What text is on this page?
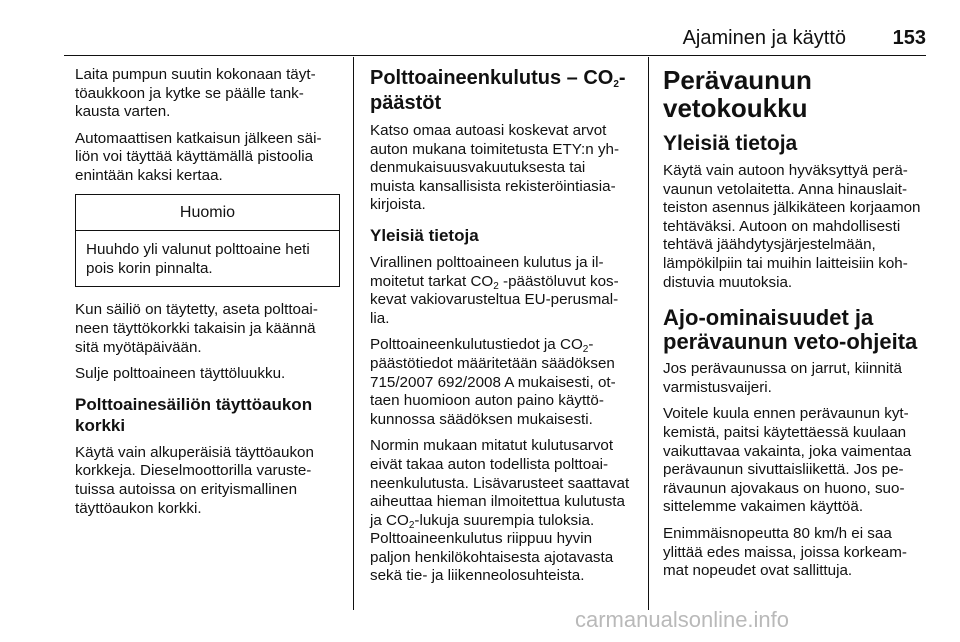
Ajaminen ja käyttö 153

Laita pumpun suutin kokonaan täyttöaukkoon ja kytke se päälle tankkausta varten.

Automaattisen katkaisun jälkeen säiliön voi täyttää käyttämällä pistoolia enintään kaksi kertaa.

Huomio
Huuhdo yli valunut polttoaine heti pois korin pinnalta.

Kun säiliö on täytetty, aseta polttoaineen täyttökorkki takaisin ja käännä sitä myötäpäivään.

Sulje polttoaineen täyttöluukku.

Polttoainesäiliön täyttöaukon korkki

Käytä vain alkuperäisiä täyttöaukon korkkeja. Dieselmoottorilla varustetuissa autoissa on erityismallinen täyttöaukon korkki.

Polttoaineenkulutus – $CO_2$-päästöt

Katso omaa autoasi koskevat arvot auton mukana toimitetusta ETY:n yhdenmukaisuusvakuutuksesta tai muista kansallisista rekisteröintiasiakirjoista.

Yleisiä tietoja

Virallinen polttoaineen kulutus ja ilmoitetut tarkat $CO_2$ -päästöluvut koskevat vakiovarusteltua EU-perusmallia.

Polttoaineenkulutustiedot ja $CO_2$-päästötiedot määritetään säädöksen 715/2007 692/2008 A mukaisesti, ottaen huomioon auton paino käyttökunnossa säädöksen mukaisesti.

Normin mukaan mitatut kulutusarvot eivät takaa auton todellista polttoaineenkulutusta. Lisävarusteet saattavat aiheuttaa hieman ilmoitettua kulutusta ja $CO_2$-lukuja suurempia tuloksia. Polttoaineenkulutus riippuu hyvin paljon henkilökohtaisesta ajotavasta sekä tie- ja liikenneolosuhteista.

Perävaunun vetokoukku
Yleisiä tietoja

Käytä vain autoon hyväksyttyä perävaunun vetolaitetta. Anna hinauslaitteiston asennus jälkikäteen korjaamon tehtäväksi. Autoon on mahdollisesti tehtävä jäähdytysjärjestelmään, lämpökilpiin tai muihin laitteisiin kohdistuvia muutoksia.

Ajo-ominaisuudet ja perävaunun veto-ohjeita

Jos perävaunussa on jarrut, kiinnitä varmistusvaijeri.

Voitele kuula ennen perävaunun kytkemistä, paitsi käytettäessä kuulaan vaikuttavaa vakainta, joka vaimentaa perävaunun sivuttaisliikettä. Jos perävaunun ajovakaus on huono, suosittelemme vakaimen käyttöä.

Enimmäisnopeutta 80 km/h ei saa ylittää edes maissa, joissa korkeammat nopeudet ovat sallittuja.

carmanualsonline.info
